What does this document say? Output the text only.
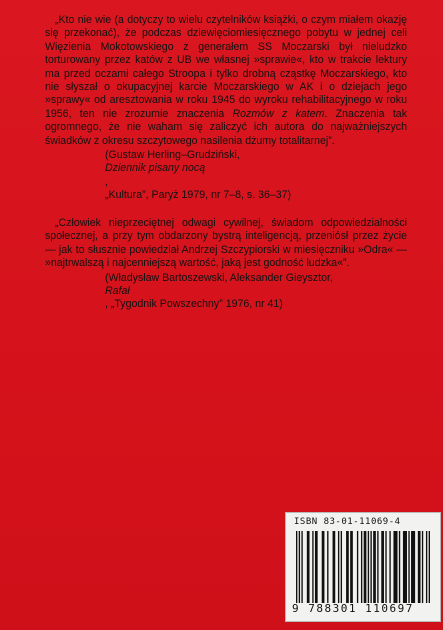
„Kto nie wie (a dotyczy to wielu czytelników książki, o czym miałem okazję się przekonać), że podczas dziewięciomiesięcznego pobytu w jednej celi Więzienia Mokotowskiego z generałem SS Moczarski był nieludzko torturowany przez katów z UB we własnej »sprawie«, kto w trakcie lektury ma przed oczami całego Stroopa i tylko drobną cząstkę Moczarskiego, kto nie słyszał o okupacyjnej karcie Moczarskiego w AK i o dziejach jego »sprawy« od aresztowania w roku 1945 do wyroku rehabilitacyjnego w roku 1956, ten nie zrozumie znaczenia Rozmów z katem. Znaczenia tak ogromnego, że nie waham się zaliczyć ich autora do najważniejszych świadków z okresu szczytowego nasilenia dżumy totalitarnej”.

(Gustaw Herling–Grudziński,
Dziennik pisany nocą
,
„Kultura”, Paryż 1979, nr 7–8, s. 36–37)

„Człowiek nieprzeciętnej odwagi cywilnej, świadom odpowiedzialności społecznej, a przy tym obdarzony bystrą inteligencją, przeniósł przez życie — jak to słusznie powiedział Andrzej Szczypiorski w miesięczniku »Odra« — »najtrwalszą i najcenniejszą wartość, jaką jest godność ludzka«”.

(Władysław Bartoszewski, Aleksander Gieysztor,
Rafał
, „Tygodnik Powszechny” 1976, nr 41)
ISBN 83-01-11069-4
9 788301 110697
